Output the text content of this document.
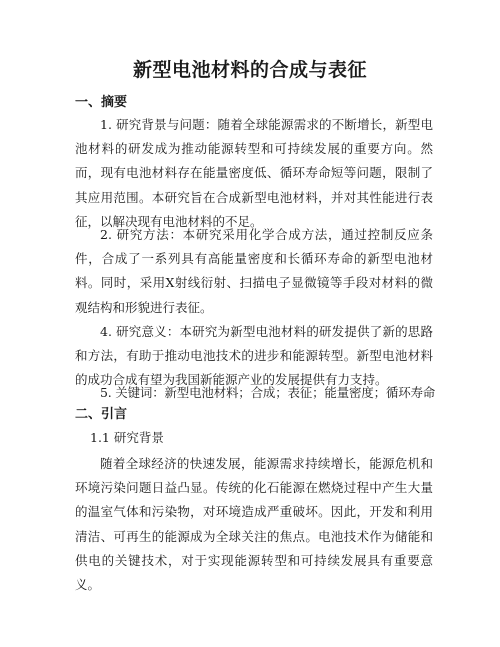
新型电池材料的合成与表征
一、摘要

1. 研究背景与问题：随着全球能源需求的不断增长，新型电池材料的研发成为推动能源转型和可持续发展的重要方向。然而，现有电池材料存在能量密度低、循环寿命短等问题，限制了其应用范围。本研究旨在合成新型电池材料，并对其性能进行表征，以解决现有电池材料的不足。

2. 研究方法：本研究采用化学合成方法，通过控制反应条件，合成了一系列具有高能量密度和长循环寿命的新型电池材料。同时，采用X射线衍射、扫描电子显微镜等手段对材料的微观结构和形貌进行表征。

4. 研究意义：本研究为新型电池材料的研发提供了新的思路和方法，有助于推动电池技术的进步和能源转型。新型电池材料的成功合成有望为我国新能源产业的发展提供有力支持。

5. 关键词：新型电池材料；合成；表征；能量密度；循环寿命

二、引言
1.1 研究背景

随着全球经济的快速发展，能源需求持续增长，能源危机和环境污染问题日益凸显。传统的化石能源在燃烧过程中产生大量的温室气体和污染物，对环境造成严重破坏。因此，开发和利用清洁、可再生的能源成为全球关注的焦点。电池技术作为储能和供电的关键技术，对于实现能源转型和可持续发展具有重要意义。
